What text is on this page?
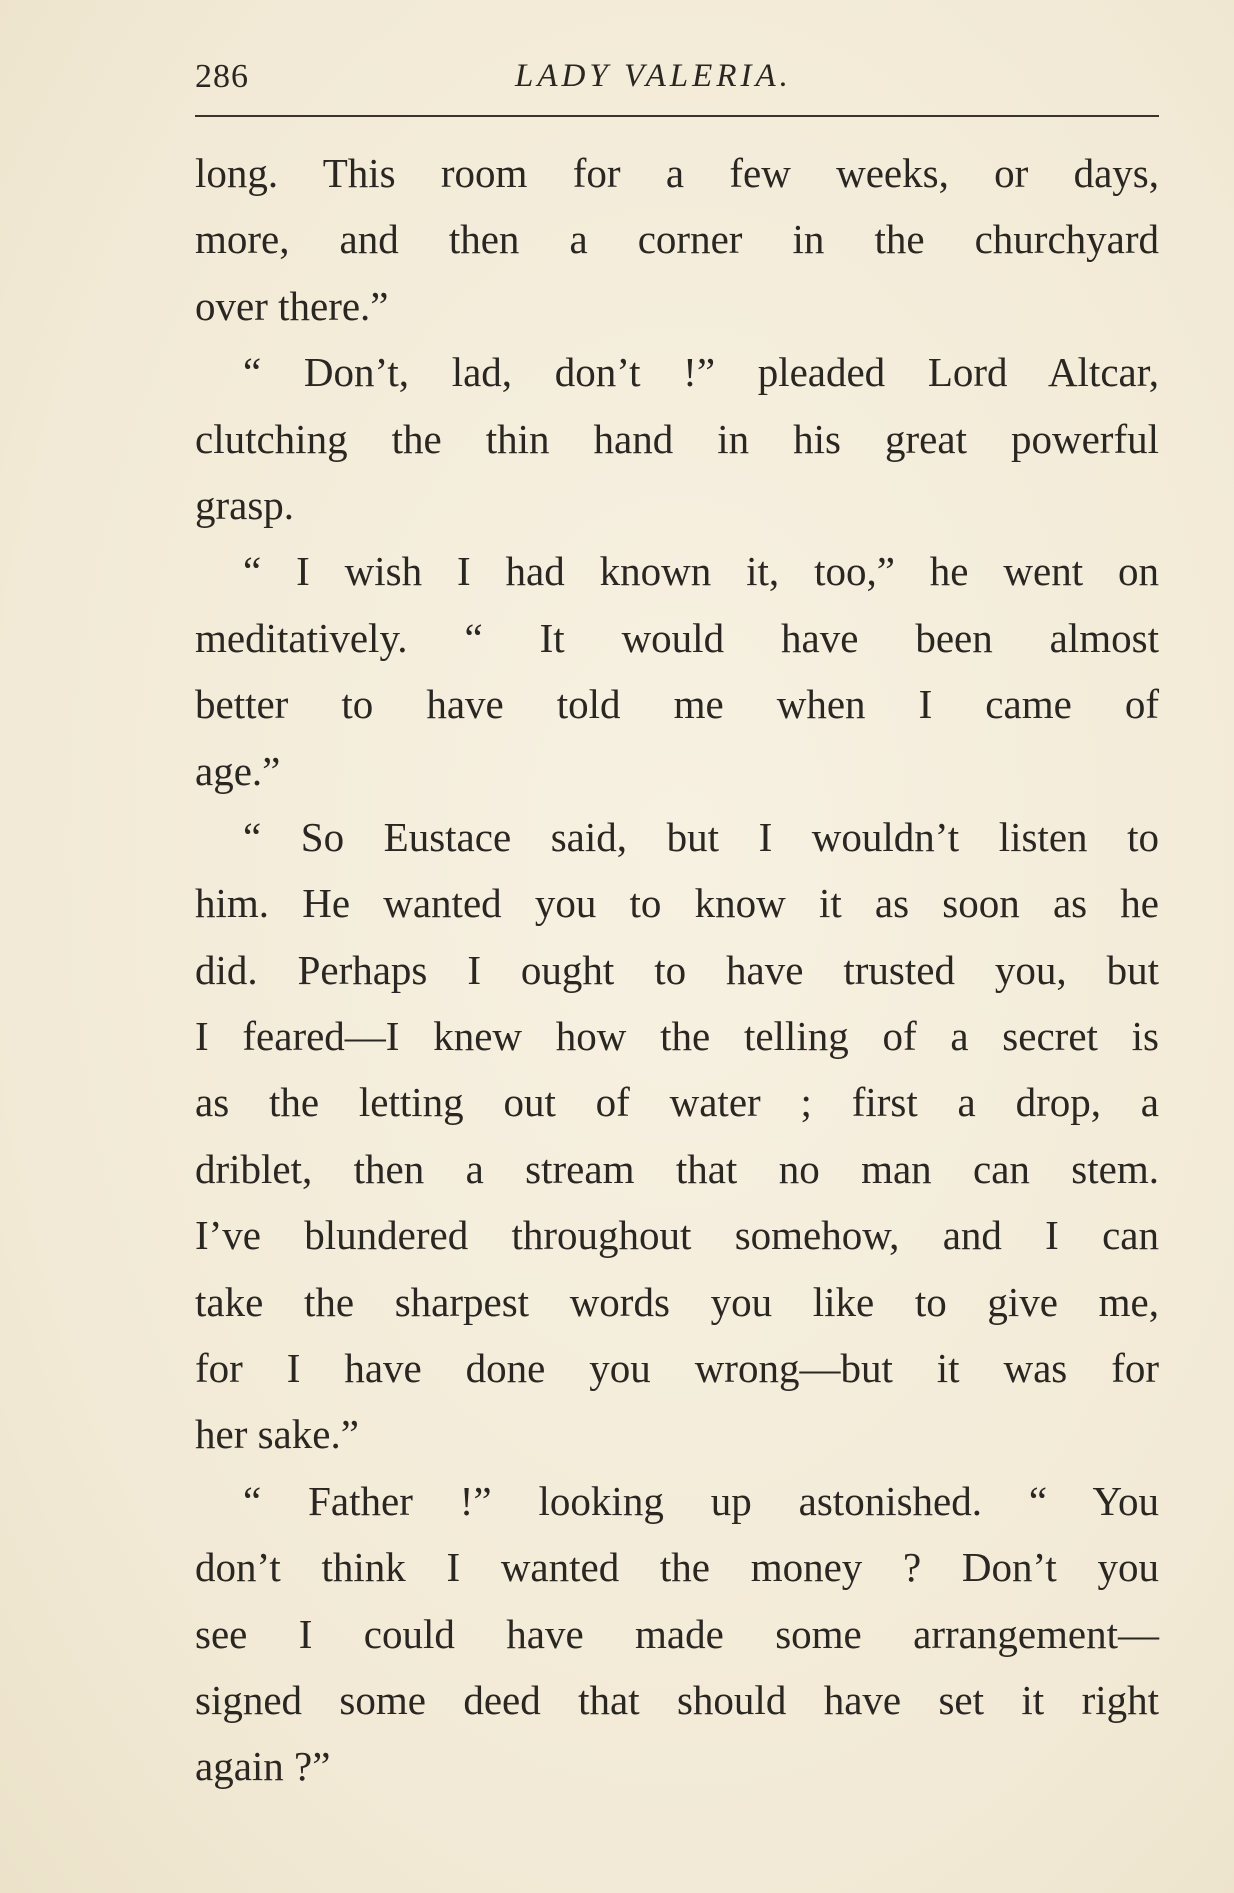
286	LADY VALERIA.
long. This room for a few weeks, or days,
more, and then a corner in the churchyard
over there.”
“ Don’t, lad, don’t !” pleaded Lord Altcar,
clutching the thin hand in his great powerful
grasp.
“ I wish I had known it, too,” he went on
meditatively. “ It would have been almost
better to have told me when I came of
age.”
“ So Eustace said, but I wouldn’t listen to
him. He wanted you to know it as soon as he
did. Perhaps I ought to have trusted you, but
I feared—I knew how the telling of a secret is
as the letting out of water ; first a drop, a
driblet, then a stream that no man can stem.
I’ve blundered throughout somehow, and I can
take the sharpest words you like to give me,
for I have done you wrong—but it was for
her sake.”
“ Father !” looking up astonished. “ You
don’t think I wanted the money ? Don’t you
see I could have made some arrangement—
signed some deed that should have set it right
again ?”
